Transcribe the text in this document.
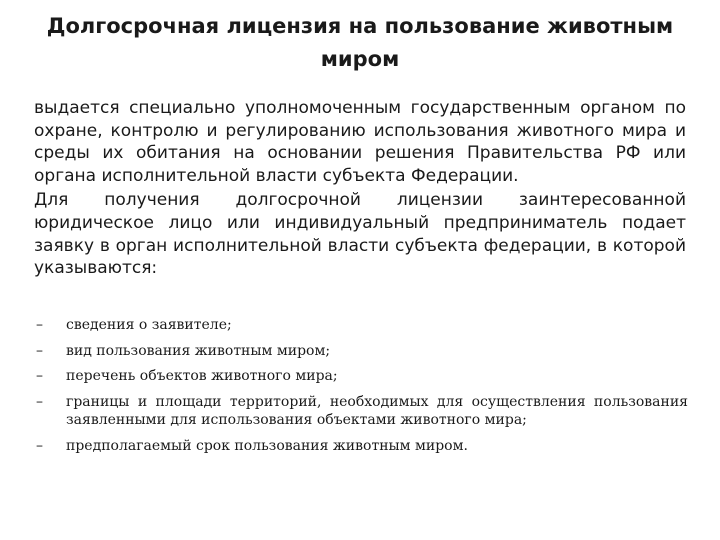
Долгосрочная лицензия на пользование животным миром

выдается специально уполномоченным государственным органом по охране, контролю и регулированию использования животного мира и среды их обитания на основании решения Правительства РФ или органа исполнительной власти субъекта Федерации.

Для получения долгосрочной лицензии заинтересованной юридическое лицо или индивидуальный предприниматель подает заявку в орган исполнительной власти субъекта федерации, в которой указываются:

–	сведения о заявителе;
–	вид пользования животным миром;
–	перечень объектов животного мира;
–	границы и площади территорий, необходимых для осуществления пользования заявленными для использования объектами животного мира;
–	предполагаемый срок пользования животным миром.
